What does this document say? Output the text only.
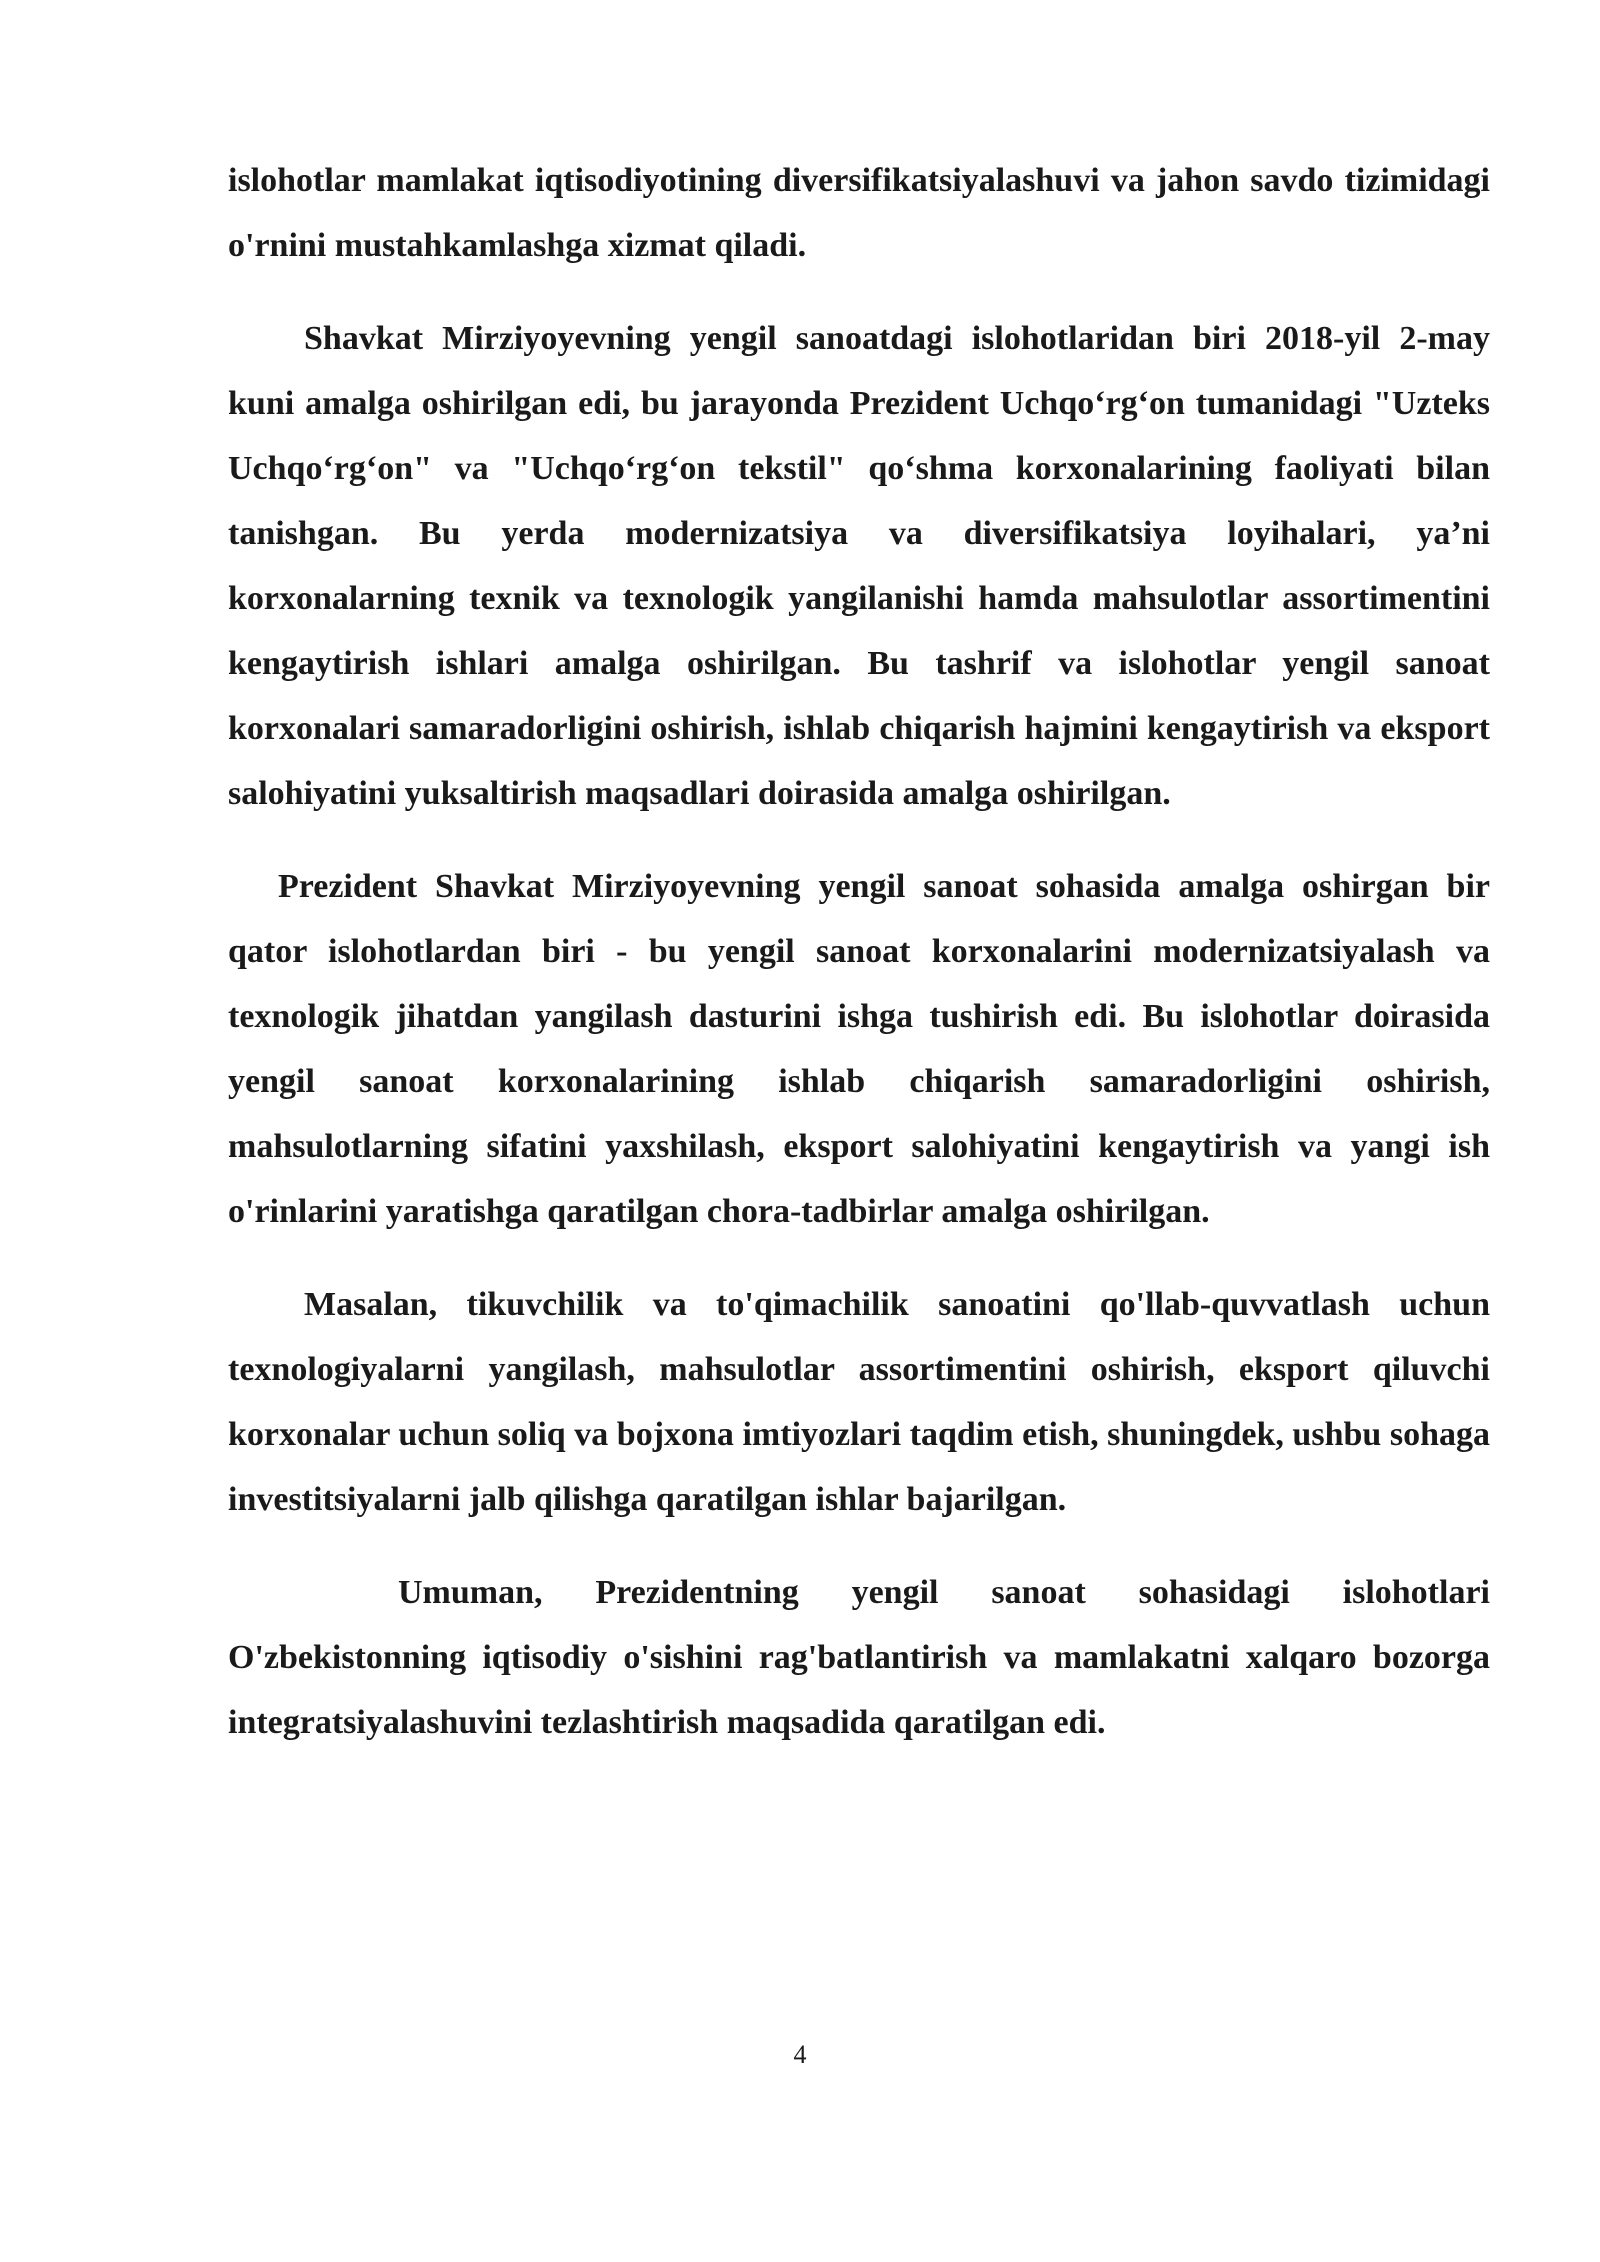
islohotlar mamlakat iqtisodiyotining diversifikatsiyalashuvi va jahon savdo tizimidagi o'rnini mustahkamlashga xizmat qiladi.

Shavkat Mirziyoyevning yengil sanoatdagi islohotlaridan biri 2018-yil 2-may kuni amalga oshirilgan edi, bu jarayonda Prezident Uchqo‘rg‘on tumanidagi "Uzteks Uchqo‘rg‘on" va "Uchqo‘rg‘on tekstil" qo‘shma korxonalarining faoliyati bilan tanishgan. Bu yerda modernizatsiya va diversifikatsiya loyihalari, ya’ni korxonalarning texnik va texnologik yangilanishi hamda mahsulotlar assortimentini kengaytirish ishlari amalga oshirilgan. Bu tashrif va islohotlar yengil sanoat korxonalari samaradorligini oshirish, ishlab chiqarish hajmini kengaytirish va eksport salohiyatini yuksaltirish maqsadlari doirasida amalga oshirilgan.

Prezident Shavkat Mirziyoyevning yengil sanoat sohasida amalga oshirgan bir qator islohotlardan biri - bu yengil sanoat korxonalarini modernizatsiyalash va texnologik jihatdan yangilash dasturini ishga tushirish edi. Bu islohotlar doirasida yengil sanoat korxonalarining ishlab chiqarish samaradorligini oshirish, mahsulotlarning sifatini yaxshilash, eksport salohiyatini kengaytirish va yangi ish o'rinlarini yaratishga qaratilgan chora-tadbirlar amalga oshirilgan.

Masalan, tikuvchilik va to'qimachilik sanoatini qo'llab-quvvatlash uchun texnologiyalarni yangilash, mahsulotlar assortimentini oshirish, eksport qiluvchi korxonalar uchun soliq va bojxona imtiyozlari taqdim etish, shuningdek, ushbu sohaga investitsiyalarni jalb qilishga qaratilgan ishlar bajarilgan.

Umuman, Prezidentning yengil sanoat sohasidagi islohotlari O'zbekistonning iqtisodiy o'sishini rag'batlantirish va mamlakatni xalqaro bozorga integratsiyalashuvini tezlashtirish maqsadida qaratilgan edi.

4
